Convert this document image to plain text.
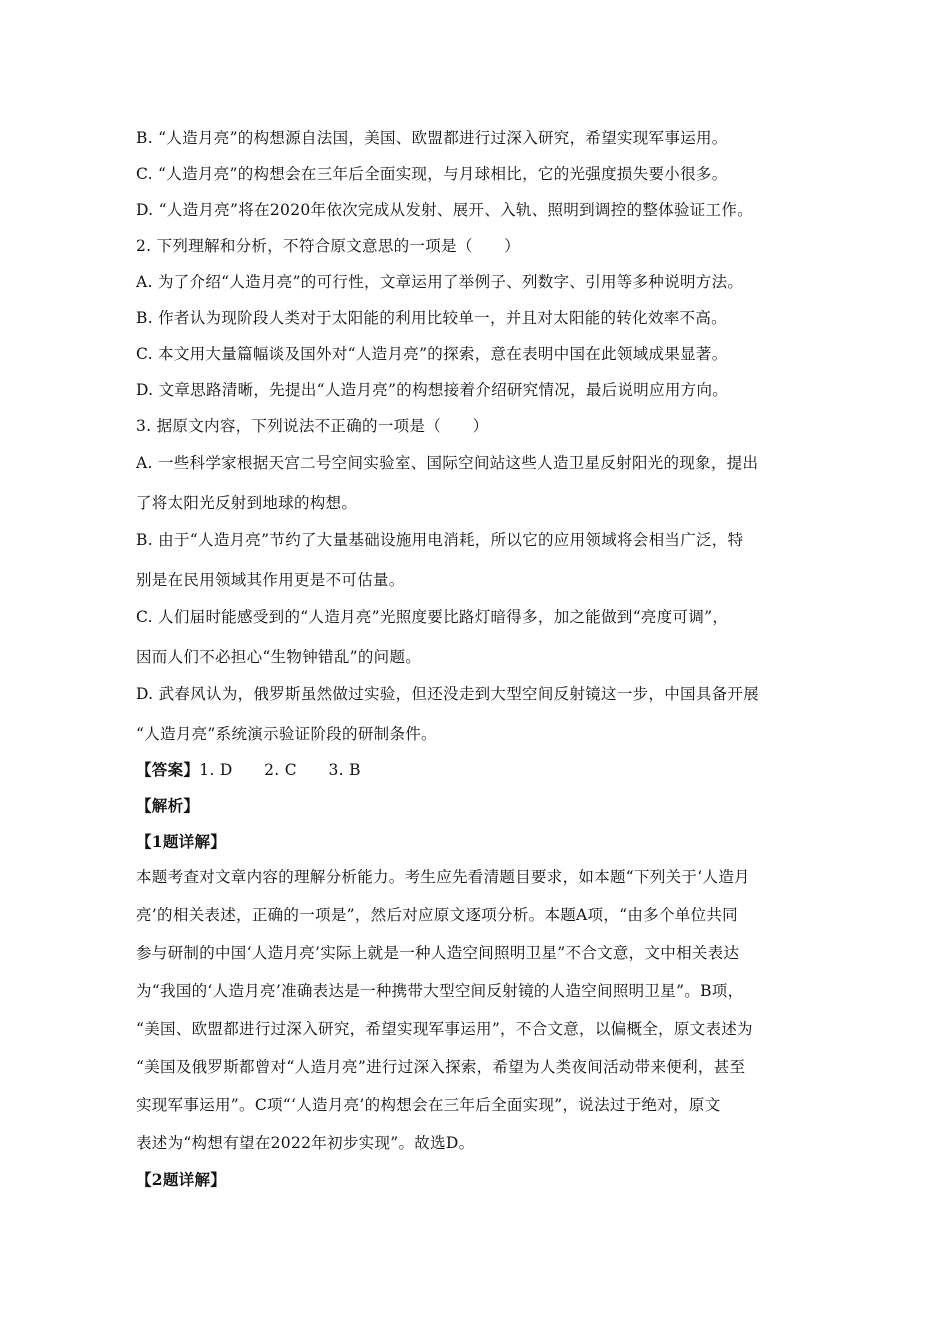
B. “人造月亮”的构想源自法国，美国、欧盟都进行过深入研究，希望实现军事运用。
C. “人造月亮”的构想会在三年后全面实现，与月球相比，它的光强度损失要小很多。
D. “人造月亮”将在2020年依次完成从发射、展开、入轨、照明到调控的整体验证工作。
2. 下列理解和分析，不符合原文意思的一项是（　　）
A. 为了介绍“人造月亮”的可行性，文章运用了举例子、列数字、引用等多种说明方法。
B. 作者认为现阶段人类对于太阳能的利用比较单一，并且对太阳能的转化效率不高。
C. 本文用大量篇幅谈及国外对“人造月亮”的探索，意在表明中国在此领域成果显著。
D. 文章思路清晰，先提出“人造月亮”的构想接着介绍研究情况，最后说明应用方向。
3. 据原文内容，下列说法不正确的一项是（　　）
A. 一些科学家根据天宫二号空间实验室、国际空间站这些人造卫星反射阳光的现象，提出
了将太阳光反射到地球的构想。
B. 由于“人造月亮”节约了大量基础设施用电消耗，所以它的应用领域将会相当广泛，特
别是在民用领域其作用更是不可估量。
C. 人们届时能感受到的“人造月亮”光照度要比路灯暗得多，加之能做到“亮度可调”，
因而人们不必担心“生物钟错乱”的问题。
D. 武春风认为，俄罗斯虽然做过实验，但还没走到大型空间反射镜这一步，中国具备开展
“人造月亮”系统演示验证阶段的研制条件。
【答案】1. D　　2. C　　3. B
【解析】
【1题详解】
本题考查对文章内容的理解分析能力。考生应先看清题目要求，如本题“下列关于‘人造月
亮’的相关表述，正确的一项是”，然后对应原文逐项分析。本题A项，“由多个单位共同
参与研制的中国‘人造月亮’实际上就是一种人造空间照明卫星”不合文意，文中相关表达
为“我国的‘人造月亮’准确表达是一种携带大型空间反射镜的人造空间照明卫星”。B项，
“美国、欧盟都进行过深入研究，希望实现军事运用”，不合文意，以偏概全，原文表述为
“美国及俄罗斯都曾对“人造月亮”进行过深入探索，希望为人类夜间活动带来便利，甚至
实现军事运用”。C项“‘人造月亮’的构想会在三年后全面实现”，说法过于绝对，原文
表述为“构想有望在2022年初步实现”。故选D。
【2题详解】
